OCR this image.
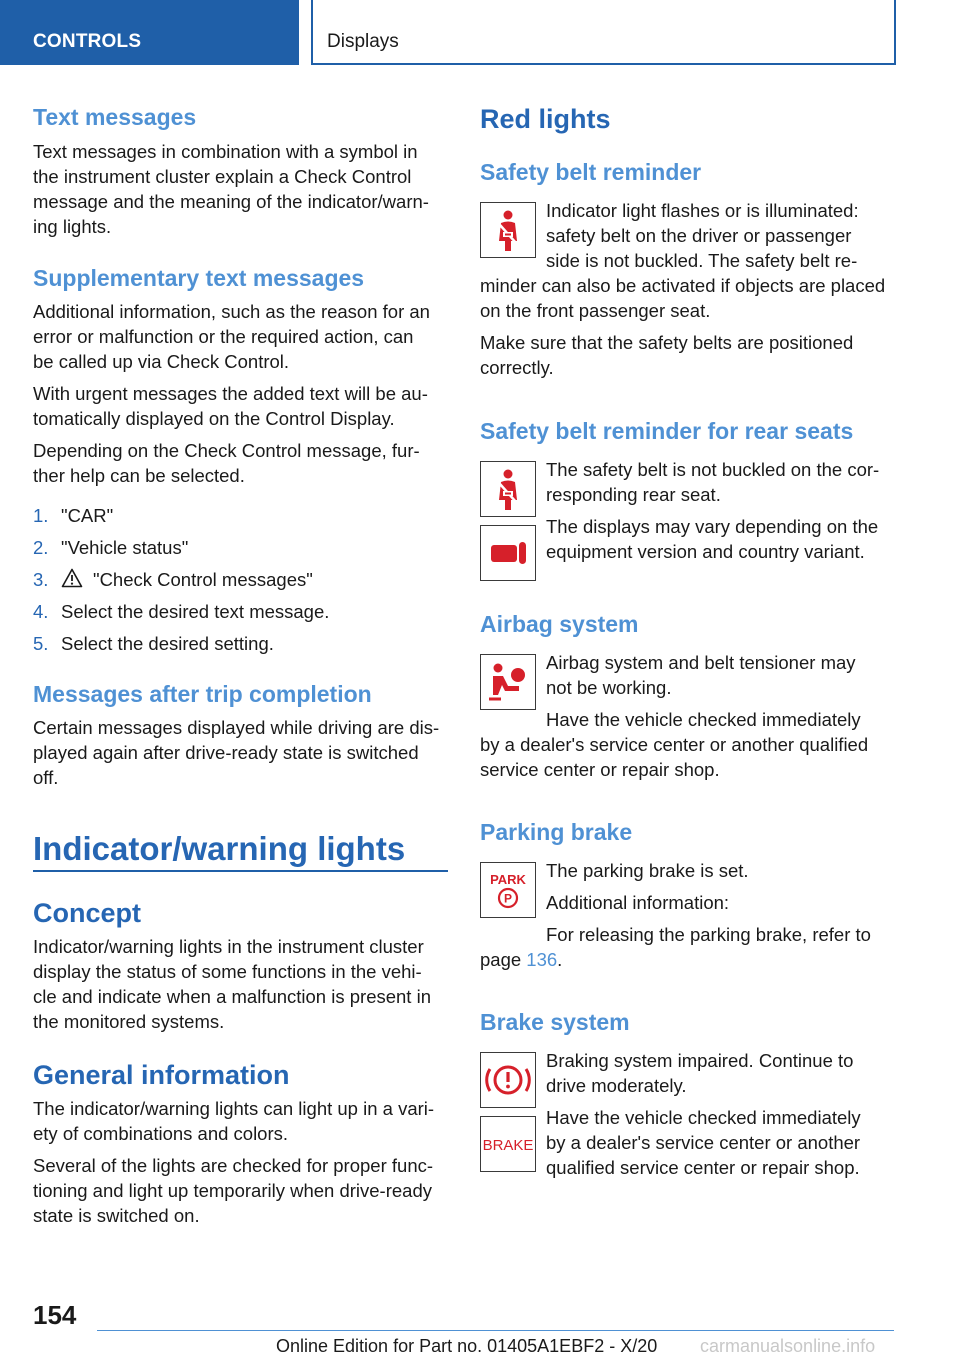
CONTROLS	Displays
Text messages

Text messages in combination with a symbol in

the instrument cluster explain a Check Control

message and the meaning of the indicator/warn-

ing lights.

Supplementary text messages

Additional information, such as the reason for an

error or malfunction or the required action, can

be called up via Check Control.

With urgent messages the added text will be au-

tomatically displayed on the Control Display.

Depending on the Check Control message, fur-

ther help can be selected.

1. "CAR"
2. "Vehicle status"
3. "Check Control messages"
4. Select the desired text message.
5. Select the desired setting.
Messages after trip completion

Certain messages displayed while driving are dis-

played again after drive-ready state is switched

off.

Indicator/warning lights
Concept

Indicator/warning lights in the instrument cluster

display the status of some functions in the vehi-

cle and indicate when a malfunction is present in

the monitored systems.

General information

The indicator/warning lights can light up in a vari-

ety of combinations and colors.

Several of the lights are checked for proper func-

tioning and light up temporarily when drive-ready

state is switched on.

Red lights
Safety belt reminder

Indicator light flashes or is illuminated:

safety belt on the driver or passenger

side is not buckled. The safety belt re-

minder can also be activated if objects are placed

on the front passenger seat.

Make sure that the safety belts are positioned

correctly.

Safety belt reminder for rear seats

The safety belt is not buckled on the cor-

responding rear seat.

The displays may vary depending on the

equipment version and country variant.

Airbag system

Airbag system and belt tensioner may

not be working.

Have the vehicle checked immediately

by a dealer's service center or another qualified

service center or repair shop.

Parking brake
PARK
P

The parking brake is set.

Additional information:

For releasing the parking brake, refer to

page 136.

Brake system

Braking system impaired. Continue to

drive moderately.

BRAKE

Have the vehicle checked immediately

by a dealer's service center or another

qualified service center or repair shop.

154
Online Edition for Part no. 01405A1EBF2 - X/20 carmanualsonline.info
